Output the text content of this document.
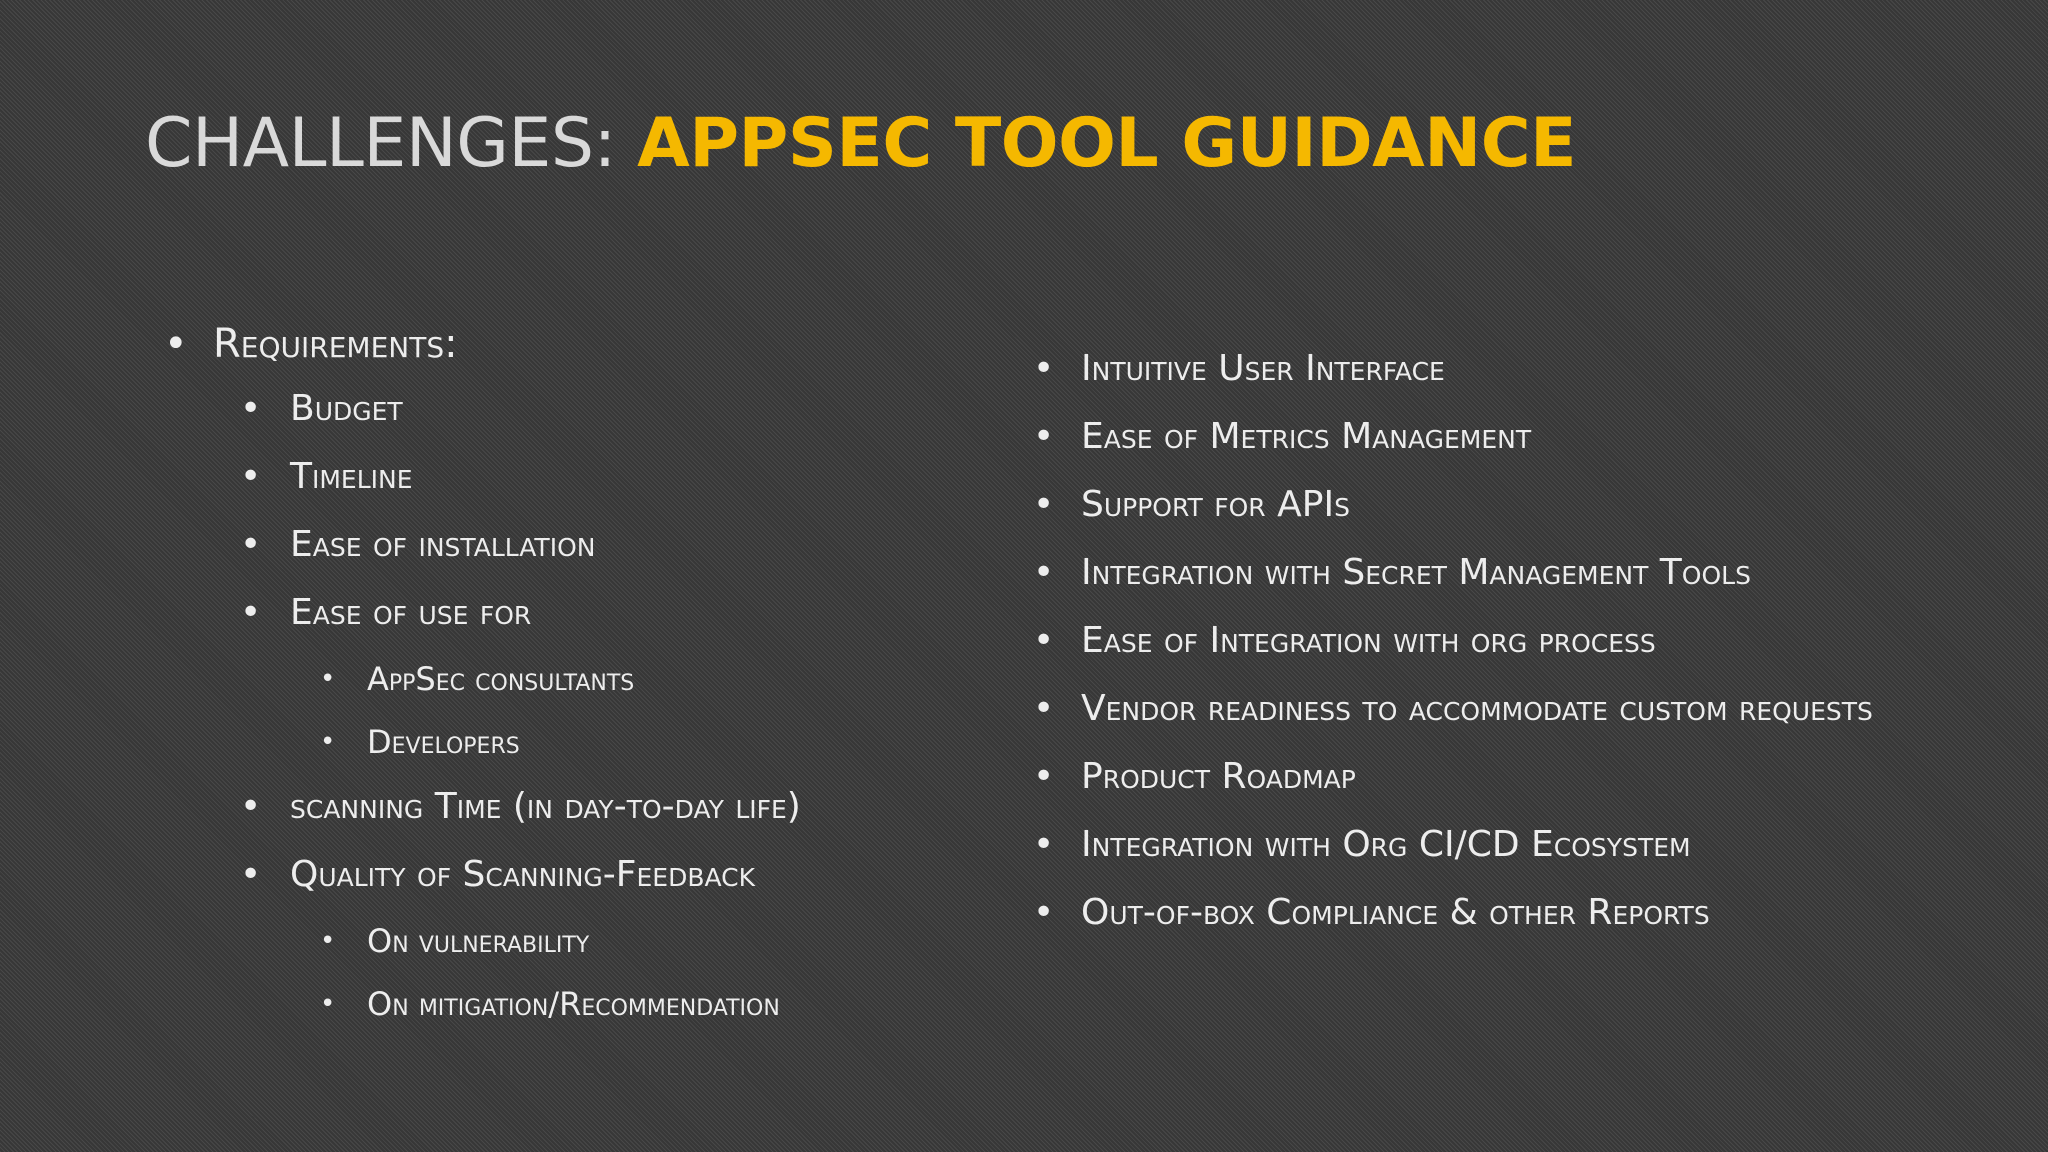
CHALLENGES: APPSEC TOOL GUIDANCE
• Requirements:
• Budget
• Timeline
• Ease of installation
• Ease of use for
• AppSec consultants
• Developers
• scanning Time (in day-to-day life)
• Quality of Scanning-Feedback
• On vulnerability
• On mitigation/Recommendation
• Intuitive User Interface
• Ease of Metrics Management
• Support for APIs
• Integration with Secret Management Tools
• Ease of Integration with org process
• Vendor readiness to accommodate custom requests
• Product Roadmap
• Integration with Org CI/CD Ecosystem
• Out-of-box Compliance & other Reports
